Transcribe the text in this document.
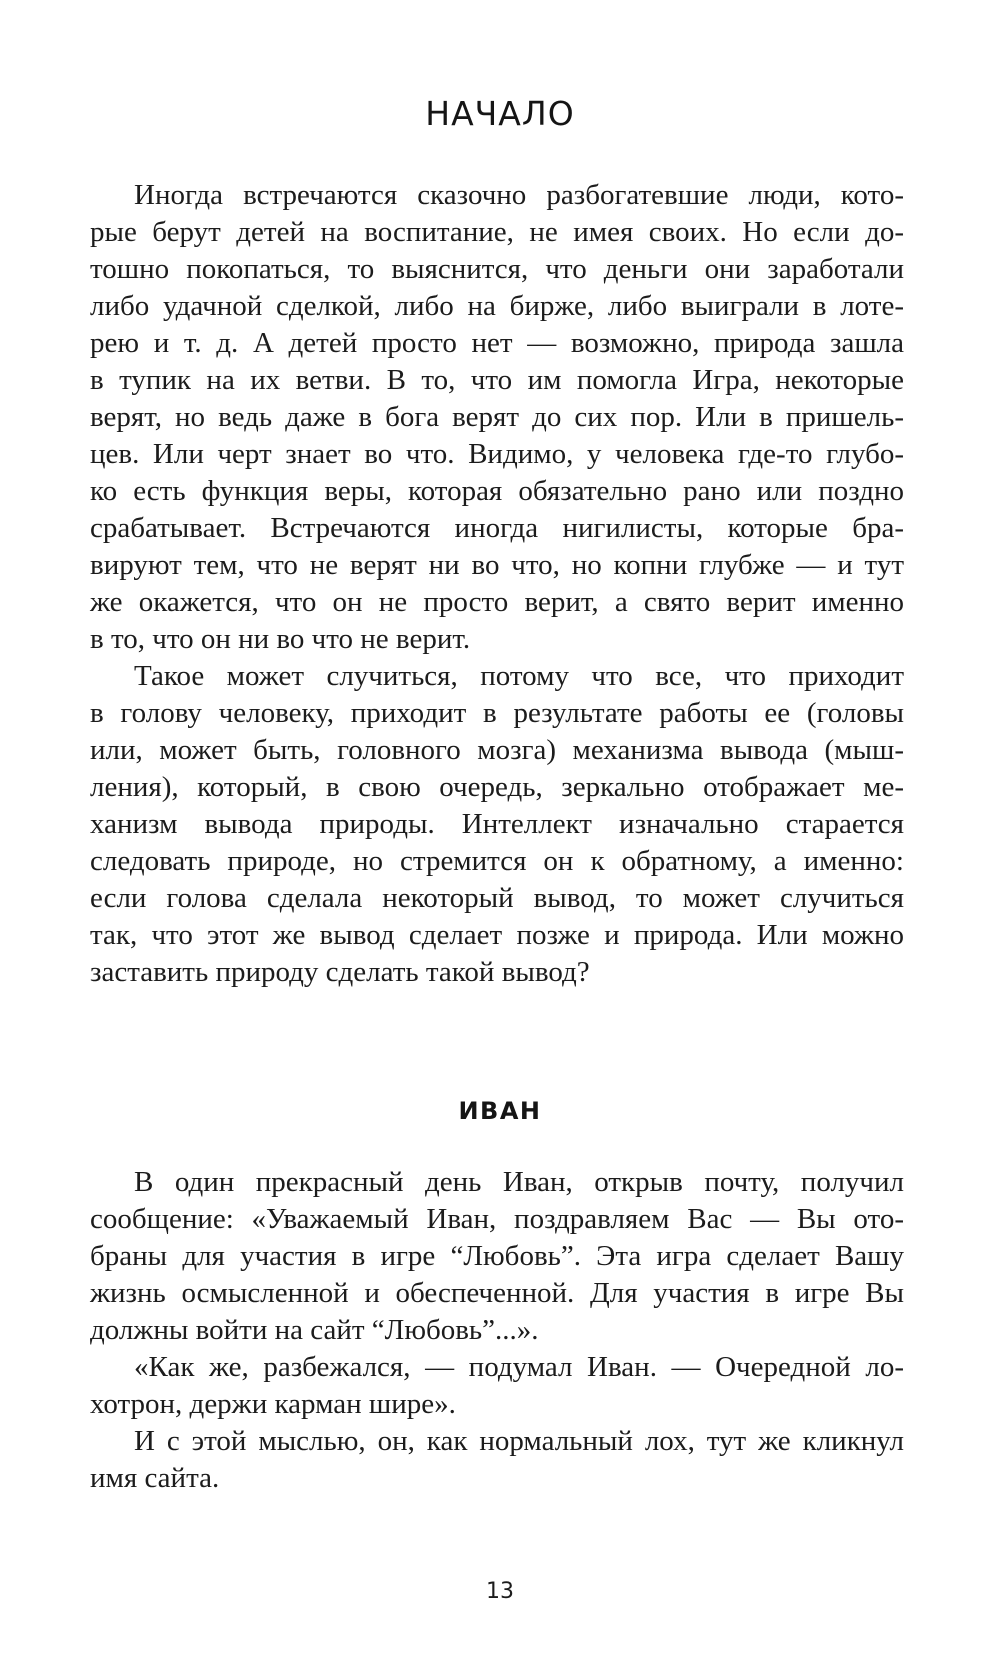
НАЧАЛО
Иногда встречаются сказочно разбогатевшие люди, кото-
рые берут детей на воспитание, не имея своих. Но если до-
тошно покопаться, то выяснится, что деньги они заработали
либо удачной сделкой, либо на бирже, либо выиграли в лоте-
рею и т. д. А детей просто нет — возможно, природа зашла
в тупик на их ветви. В то, что им помогла Игра, некоторые
верят, но ведь даже в бога верят до сих пор. Или в пришель-
цев. Или черт знает во что. Видимо, у человека где-то глубо-
ко есть функция веры, которая обязательно рано или поздно
срабатывает. Встречаются иногда нигилисты, которые бра-
вируют тем, что не верят ни во что, но копни глубже — и тут
же окажется, что он не просто верит, а свято верит именно
в то, что он ни во что не верит.
Такое может случиться, потому что все, что приходит
в голову человеку, приходит в результате работы ее (головы
или, может быть, головного мозга) механизма вывода (мыш-
ления), который, в свою очередь, зеркально отображает ме-
ханизм вывода природы. Интеллект изначально старается
следовать природе, но стремится он к обратному, а именно:
если голова сделала некоторый вывод, то может случиться
так, что этот же вывод сделает позже и природа. Или можно
заставить природу сделать такой вывод?
ИВАН
В один прекрасный день Иван, открыв почту, получил
сообщение: «Уважаемый Иван, поздравляем Вас — Вы ото-
браны для участия в игре “Любовь”. Эта игра сделает Вашу
жизнь осмысленной и обеспеченной. Для участия в игре Вы
должны войти на сайт “Любовь”...».
«Как же, разбежался, — подумал Иван. — Очередной ло-
хотрон, держи карман шире».
И с этой мыслью, он, как нормальный лох, тут же кликнул
имя сайта.
13
